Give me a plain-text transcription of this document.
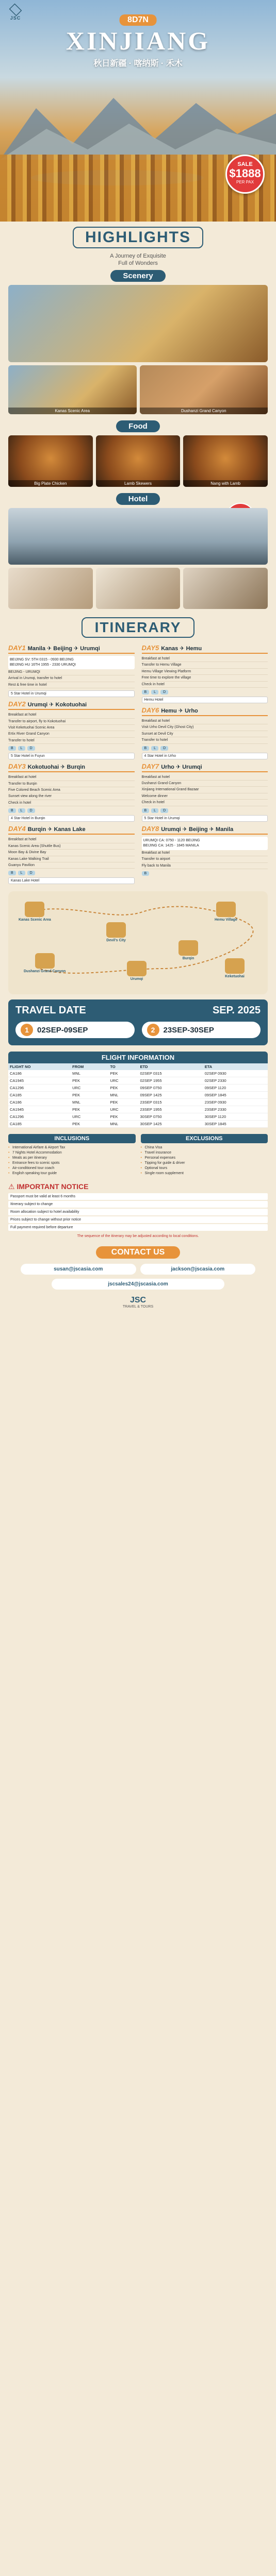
JSC	8D7N
XINJIANG
秋日新疆 · 喀纳斯 · 禾木
SALE
$1888
PER PAX
HIGHLIGHTS
A Journey of Exquisite
Full of Wonders
Scenery
Kanas Scenic Area	Dushanzi Grand Canyon
Food
Big Plate Chicken	Lamb Skewers	Nang with Lamb
Hotel
ITINERARY
DAY1 Manila ✈ Beijing ✈ Urumqi
BEIJING SV: 5TH 0315 - 0930 BEIJING
BEIJING HU 16TH 1955 - 2330 URUMQI
BEIJING - URUMQI
Arrival in Urumqi, transfer to hotel
Rest & free time in hotel
5 Star Hotel in Urumqi
DAY2 Urumqi ✈ Kokotuohai
Breakfast at hotel
Transfer to airport, fly to Kokotuohai
Visit Keketuohai Scenic Area
Ertix River Grand Canyon
Transfer to hotel
B	L	D
5 Star Hotel in Fuyun
DAY3 Kokotuohai ✈ Burqin
Breakfast at hotel
Transfer to Burqin
Five Colored Beach Scenic Area
Sunset view along the river
Check in hotel
B	L	D
4 Star Hotel in Burqin
DAY4 Burqin ✈ Kanas Lake
Breakfast at hotel
Kanas Scenic Area (Shuttle Bus)
Moon Bay & Divine Bay
Kanas Lake Walking Trail
Guanyu Pavilion
B	L	D
Kanas Lake Hotel
DAY5 Kanas ✈ Hemu
Breakfast at hotel
Transfer to Hemu Village
Hemu Village Viewing Platform
Free time to explore the village
Check in hotel
B	L	D
Hemu Hotel
DAY6 Hemu ✈ Urho
Breakfast at hotel
Visit Urho Devil City (Ghost City)
Sunset at Devil City
Transfer to hotel
B	L	D
4 Star Hotel in Urho
DAY7 Urho ✈ Urumqi
Breakfast at hotel
Dushanzi Grand Canyon
Xinjiang International Grand Bazaar
Welcome dinner
Check in hotel
B	L	D
5 Star Hotel in Urumqi
DAY8 Urumqi ✈ Beijing ✈ Manila
URUMQI CA: 0750 - 1120 BEIJING
BEIJING CA: 1425 - 1845 MANILA
Breakfast at hotel
Transfer to airport
Fly back to Manila
B
Kanas Scenic Area	Hemu Village
Devil's City
Dushanzi Grand Canyon
Urumqi
Burqin
Keketuohai
TRAVEL DATE	SEP. 2025
1	02SEP-09SEP	2	23SEP-30SEP
FLIGHT INFORMATION
FLIGHT NO	FROM	TO	ETD	ETA
CA186	MNL	PEK	02SEP 0315	02SEP 0930
CA1945	PEK	URC	02SEP 1955	02SEP 2330
CA1296	URC	PEK	09SEP 0750	09SEP 1120
CA185	PEK	MNL	09SEP 1425	09SEP 1845
CA186	MNL	PEK	23SEP 0315	23SEP 0930
CA1945	PEK	URC	23SEP 1955	23SEP 2330
CA1296	URC	PEK	30SEP 0750	30SEP 1120
CA185	PEK	MNL	30SEP 1425	30SEP 1845
INCLUSIONS
• International Airfare & Airport Tax
• 7 Nights Hotel Accommodation
• Meals as per itinerary
• Entrance fees to scenic spots
• Air-conditioned tour coach
• English speaking tour guide
EXCLUSIONS
• China Visa
• Travel insurance
• Personal expenses
• Tipping for guide & driver
• Optional tours
• Single room supplement
⚠ IMPORTANT NOTICE
Passport must be valid at least 6 months
Itinerary subject to change
Room allocation subject to hotel availability
Prices subject to change without prior notice
Full payment required before departure
The sequence of the itinerary may be adjusted according to local conditions.
CONTACT US
susan@jscasia.com	jackson@jscasia.com
jscsales24@jscasia.com
JSC
TRAVEL & TOURS
